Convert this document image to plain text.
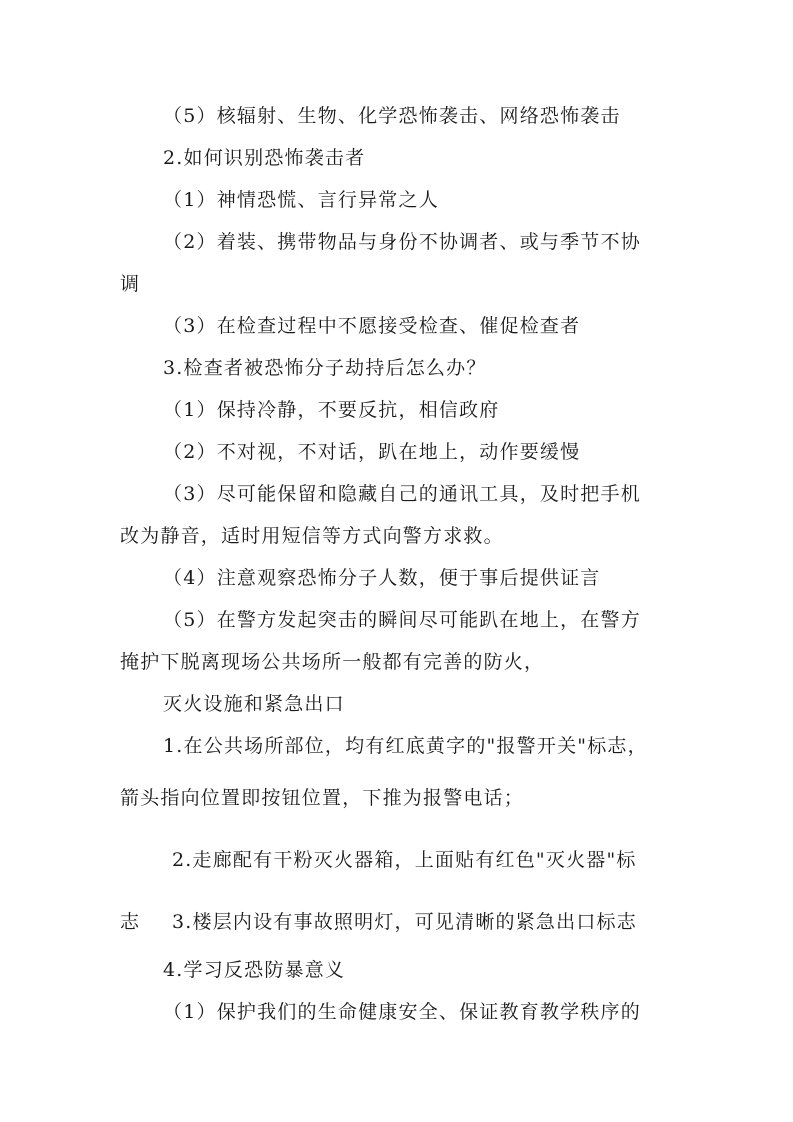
（5）核辐射、生物、化学恐怖袭击、网络恐怖袭击
2.如何识别恐怖袭击者
（1）神情恐慌、言行异常之人
（2）着装、携带物品与身份不协调者、或与季节不协
调
（3）在检查过程中不愿接受检查、催促检查者
3.检查者被恐怖分子劫持后怎么办？
（1）保持冷静，不要反抗，相信政府
（2）不对视，不对话，趴在地上，动作要缓慢
（3）尽可能保留和隐藏自己的通讯工具，及时把手机
改为静音，适时用短信等方式向警方求救。
（4）注意观察恐怖分子人数，便于事后提供证言
（5）在警方发起突击的瞬间尽可能趴在地上，在警方
掩护下脱离现场公共场所一般都有完善的防火，
灭火设施和紧急出口
1.在公共场所部位，均有红底黄字的"报警开关"标志，
箭头指向位置即按钮位置，下推为报警电话；
2.走廊配有干粉灭火器箱，上面贴有红色"灭火器"标
志 3.楼层内设有事故照明灯，可见清晰的紧急出口标志
4.学习反恐防暴意义
（1）保护我们的生命健康安全、保证教育教学秩序的
